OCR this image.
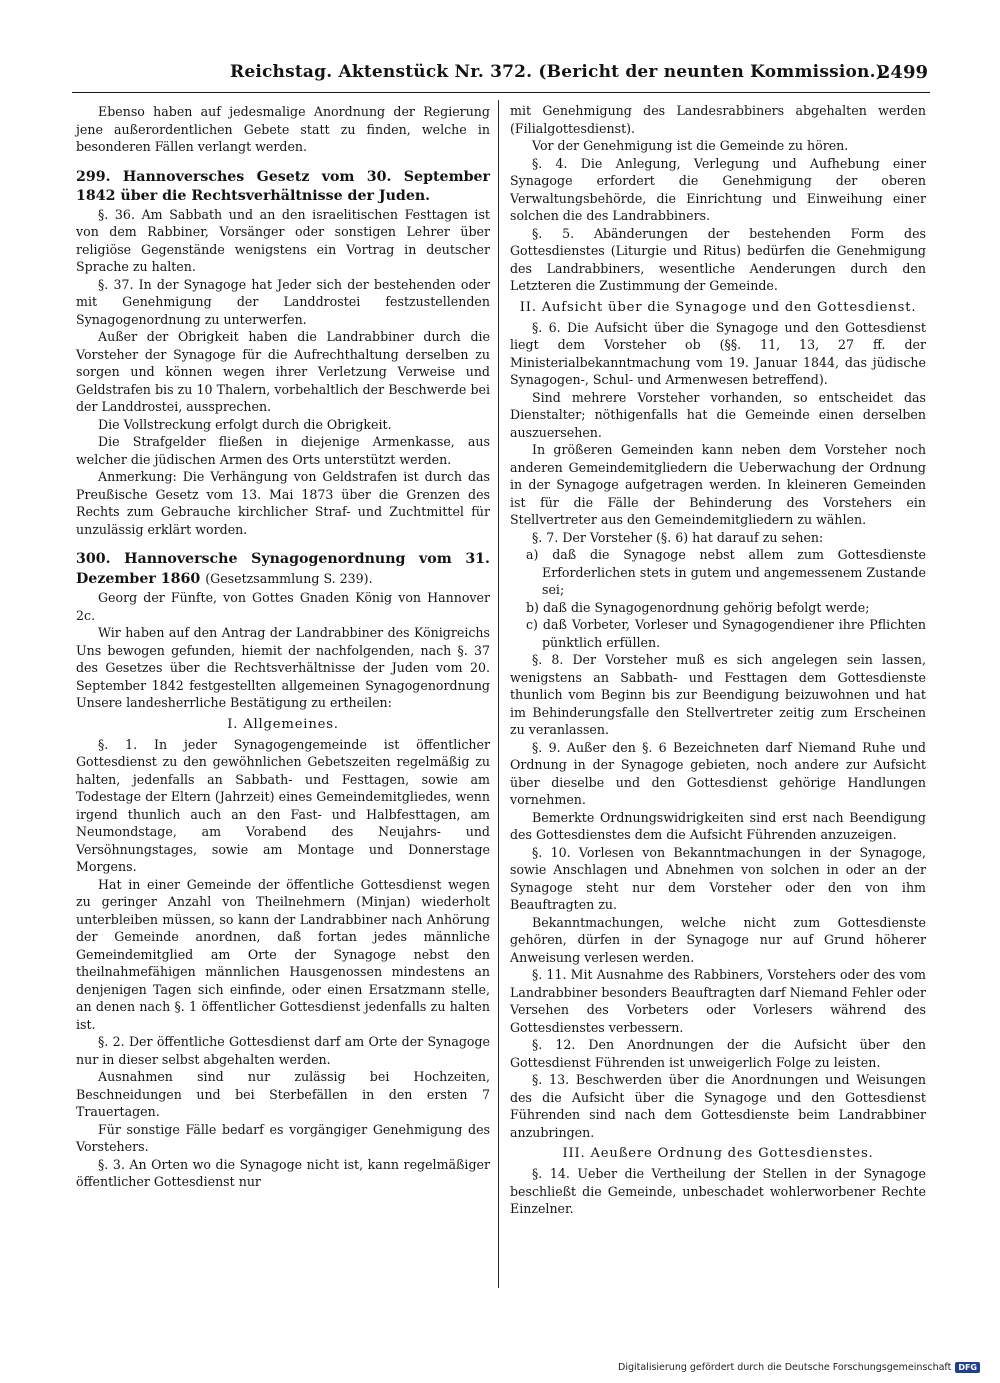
Reichstag. Aktenstück Nr. 372. (Bericht der neunten Kommission.)
2499

Ebenso haben auf jedesmalige Anordnung der Regierung jene außerordentlichen Gebete statt zu finden, welche in besonderen Fällen verlangt werden.

299. Hannoversches Gesetz vom 30. September 1842 über die Rechtsverhältnisse der Juden.

§. 36. Am Sabbath und an den israelitischen Festtagen ist von dem Rabbiner, Vorsänger oder sonstigen Lehrer über religiöse Gegenstände wenigstens ein Vortrag in deutscher Sprache zu halten.

§. 37. In der Synagoge hat Jeder sich der bestehenden oder mit Genehmigung der Landdrostei festzustellenden Synagogenordnung zu unterwerfen.

Außer der Obrigkeit haben die Landrabbiner durch die Vorsteher der Synagoge für die Aufrechthaltung derselben zu sorgen und können wegen ihrer Verletzung Verweise und Geldstrafen bis zu 10 Thalern, vorbehaltlich der Beschwerde bei der Landdrostei, aussprechen.

Die Vollstreckung erfolgt durch die Obrigkeit.

Die Strafgelder fließen in diejenige Armenkasse, aus welcher die jüdischen Armen des Orts unterstützt werden.

Anmerkung: Die Verhängung von Geldstrafen ist durch das Preußische Gesetz vom 13. Mai 1873 über die Grenzen des Rechts zum Gebrauche kirchlicher Straf- und Zuchtmittel für unzulässig erklärt worden.

300. Hannoversche Synagogenordnung vom 31. Dezember 1860 (Gesetzsammlung S. 239).

Georg der Fünfte, von Gottes Gnaden König von Hannover 2c.

Wir haben auf den Antrag der Landrabbiner des Königreichs Uns bewogen gefunden, hiemit der nachfolgenden, nach §. 37 des Gesetzes über die Rechtsverhältnisse der Juden vom 20. September 1842 festgestellten allgemeinen Synagogenordnung Unsere landesherrliche Bestätigung zu ertheilen:

I. Allgemeines.

§. 1. In jeder Synagogengemeinde ist öffentlicher Gottesdienst zu den gewöhnlichen Gebetszeiten regelmäßig zu halten, jedenfalls an Sabbath- und Festtagen, sowie am Todestage der Eltern (Jahrzeit) eines Gemeindemitgliedes, wenn irgend thunlich auch an den Fast- und Halbfesttagen, am Neumondstage, am Vorabend des Neujahrs- und Versöhnungstages, sowie am Montage und Donnerstage Morgens.

Hat in einer Gemeinde der öffentliche Gottesdienst wegen zu geringer Anzahl von Theilnehmern (Minjan) wiederholt unterbleiben müssen, so kann der Landrabbiner nach Anhörung der Gemeinde anordnen, daß fortan jedes männliche Gemeindemitglied am Orte der Synagoge nebst den theilnahmefähigen männlichen Hausgenossen mindestens an denjenigen Tagen sich einfinde, oder einen Ersatzmann stelle, an denen nach §. 1 öffentlicher Gottesdienst jedenfalls zu halten ist.

§. 2. Der öffentliche Gottesdienst darf am Orte der Synagoge nur in dieser selbst abgehalten werden.

Ausnahmen sind nur zulässig bei Hochzeiten, Beschneidungen und bei Sterbefällen in den ersten 7 Trauertagen.

Für sonstige Fälle bedarf es vorgängiger Genehmigung des Vorstehers.

§. 3. An Orten wo die Synagoge nicht ist, kann regelmäßiger öffentlicher Gottesdienst nur

mit Genehmigung des Landesrabbiners abgehalten werden (Filialgottesdienst).

Vor der Genehmigung ist die Gemeinde zu hören.

§. 4. Die Anlegung, Verlegung und Aufhebung einer Synagoge erfordert die Genehmigung der oberen Verwaltungsbehörde, die Einrichtung und Einweihung einer solchen die des Landrabbiners.

§. 5. Abänderungen der bestehenden Form des Gottesdienstes (Liturgie und Ritus) bedürfen die Genehmigung des Landrabbiners, wesentliche Aenderungen durch den Letzteren die Zustimmung der Gemeinde.

II. Aufsicht über die Synagoge und den Gottesdienst.

§. 6. Die Aufsicht über die Synagoge und den Gottesdienst liegt dem Vorsteher ob (§§. 11, 13, 27 ff. der Ministerialbekanntmachung vom 19. Januar 1844, das jüdische Synagogen-, Schul- und Armenwesen betreffend).

Sind mehrere Vorsteher vorhanden, so entscheidet das Dienstalter; nöthigenfalls hat die Gemeinde einen derselben auszuersehen.

In größeren Gemeinden kann neben dem Vorsteher noch anderen Gemeindemitgliedern die Ueberwachung der Ordnung in der Synagoge aufgetragen werden. In kleineren Gemeinden ist für die Fälle der Behinderung des Vorstehers ein Stellvertreter aus den Gemeindemitgliedern zu wählen.

§. 7. Der Vorsteher (§. 6) hat darauf zu sehen:

a) daß die Synagoge nebst allem zum Gottesdienste Erforderlichen stets in gutem und angemessenem Zustande sei;
b) daß die Synagogenordnung gehörig befolgt werde;
c) daß Vorbeter, Vorleser und Synagogendiener ihre Pflichten pünktlich erfüllen.

§. 8. Der Vorsteher muß es sich angelegen sein lassen, wenigstens an Sabbath- und Festtagen dem Gottesdienste thunlich vom Beginn bis zur Beendigung beizuwohnen und hat im Behinderungsfalle den Stellvertreter zeitig zum Erscheinen zu veranlassen.

§. 9. Außer den §. 6 Bezeichneten darf Niemand Ruhe und Ordnung in der Synagoge gebieten, noch andere zur Aufsicht über dieselbe und den Gottesdienst gehörige Handlungen vornehmen.

Bemerkte Ordnungswidrigkeiten sind erst nach Beendigung des Gottesdienstes dem die Aufsicht Führenden anzuzeigen.

§. 10. Vorlesen von Bekanntmachungen in der Synagoge, sowie Anschlagen und Abnehmen von solchen in oder an der Synagoge steht nur dem Vorsteher oder den von ihm Beauftragten zu.

Bekanntmachungen, welche nicht zum Gottesdienste gehören, dürfen in der Synagoge nur auf Grund höherer Anweisung verlesen werden.

§. 11. Mit Ausnahme des Rabbiners, Vorstehers oder des vom Landrabbiner besonders Beauftragten darf Niemand Fehler oder Versehen des Vorbeters oder Vorlesers während des Gottesdienstes verbessern.

§. 12. Den Anordnungen der die Aufsicht über den Gottesdienst Führenden ist unweigerlich Folge zu leisten.

§. 13. Beschwerden über die Anordnungen und Weisungen des die Aufsicht über die Synagoge und den Gottesdienst Führenden sind nach dem Gottesdienste beim Landrabbiner anzubringen.

III. Aeußere Ordnung des Gottesdienstes.

§. 14. Ueber die Vertheilung der Stellen in der Synagoge beschließt die Gemeinde, unbeschadet wohlerworbener Rechte Einzelner.

Digitalisierung gefördert durch die Deutsche Forschungsgemeinschaft DFG
